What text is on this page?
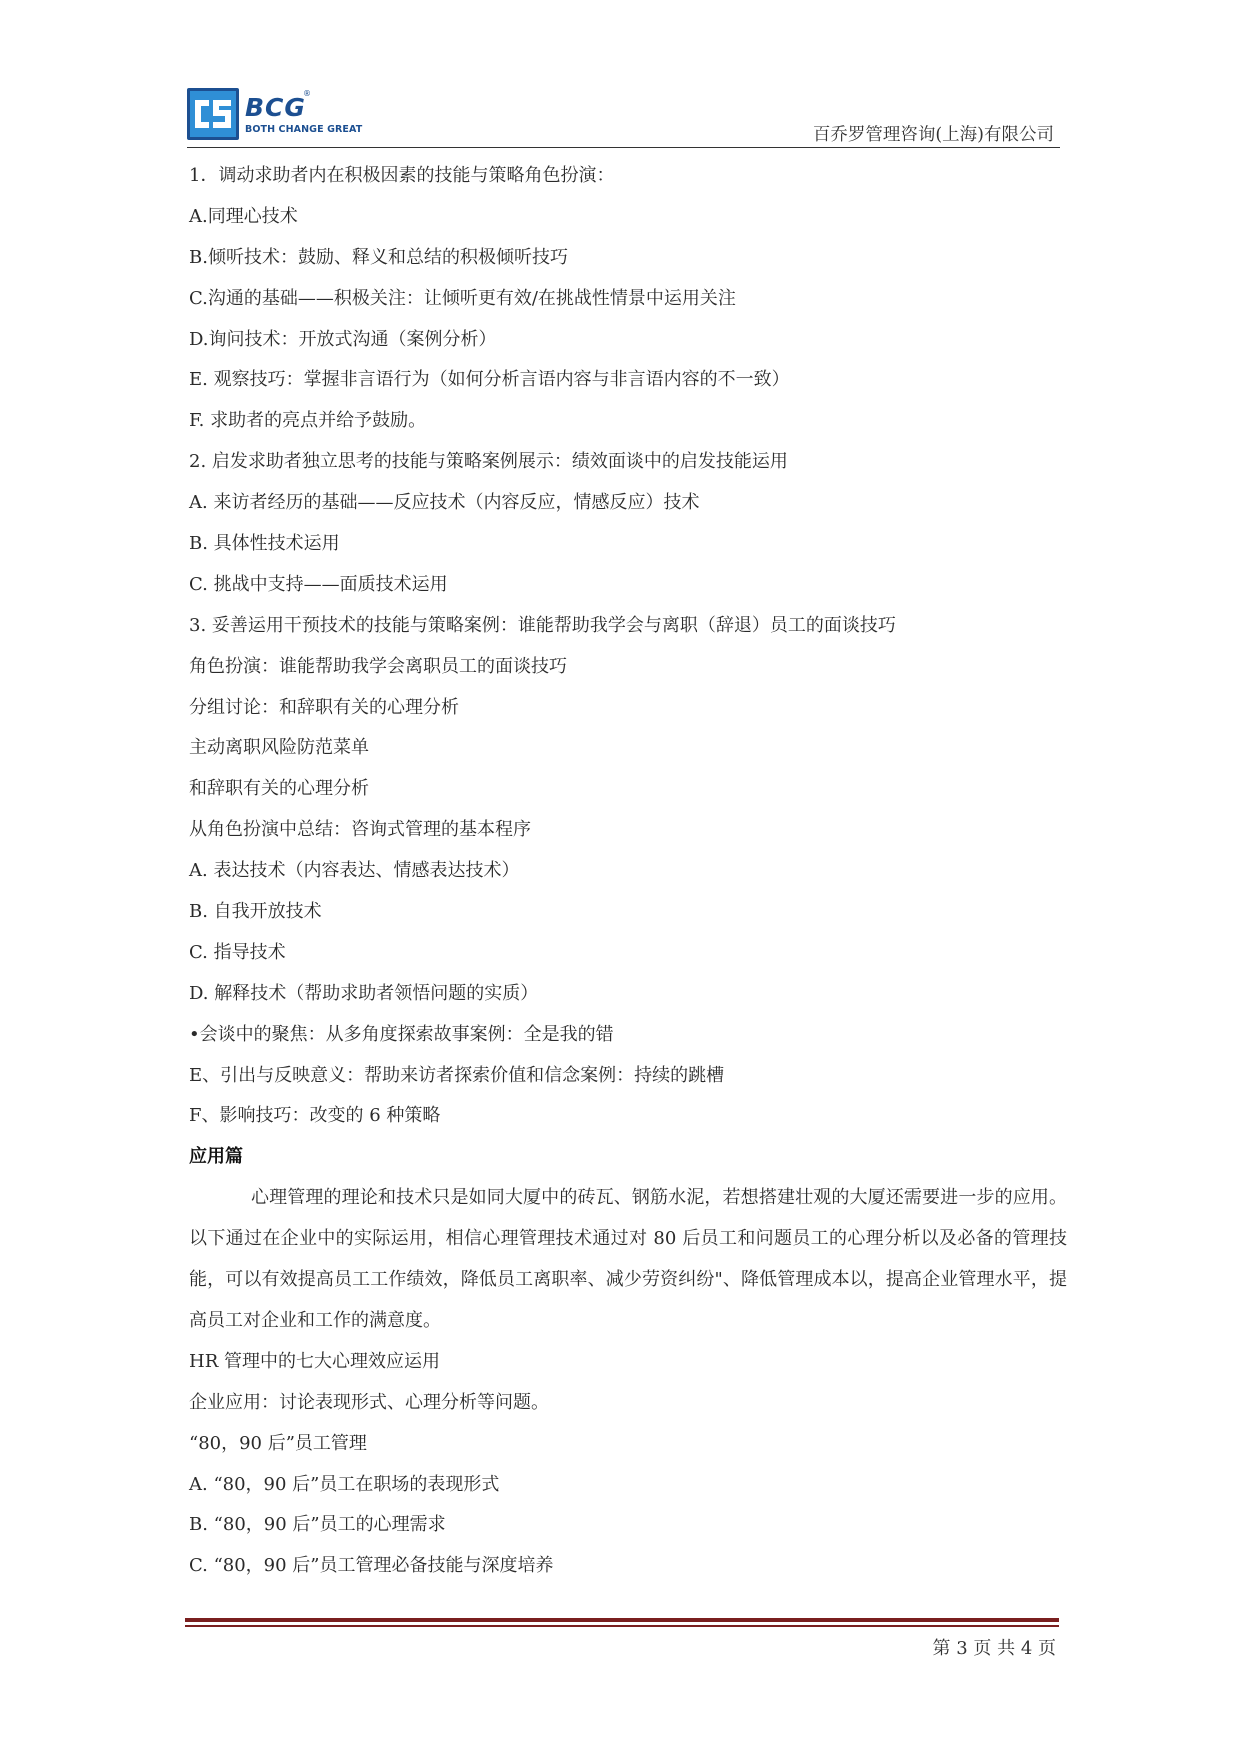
BCG
®
BOTH CHANGE GREAT	百乔罗管理咨询(上海)有限公司
1．调动求助者内在积极因素的技能与策略角色扮演：
A.同理心技术
B.倾听技术：鼓励、释义和总结的积极倾听技巧
C.沟通的基础——积极关注：让倾听更有效/在挑战性情景中运用关注
D.询问技术：开放式沟通（案例分析）
E. 观察技巧：掌握非言语行为（如何分析言语内容与非言语内容的不一致）
F. 求助者的亮点并给予鼓励。
2. 启发求助者独立思考的技能与策略案例展示：绩效面谈中的启发技能运用
A. 来访者经历的基础——反应技术（内容反应，情感反应）技术
B. 具体性技术运用
C. 挑战中支持——面质技术运用
3. 妥善运用干预技术的技能与策略案例：谁能帮助我学会与离职（辞退）员工的面谈技巧
角色扮演：谁能帮助我学会离职员工的面谈技巧
分组讨论：和辞职有关的心理分析
主动离职风险防范菜单
和辞职有关的心理分析
从角色扮演中总结：咨询式管理的基本程序
A. 表达技术（内容表达、情感表达技术）
B. 自我开放技术
C. 指导技术
D. 解释技术（帮助求助者领悟问题的实质）
•会谈中的聚焦：从多角度探索故事案例：全是我的错
E、引出与反映意义：帮助来访者探索价值和信念案例：持续的跳槽
F、影响技巧：改变的 6 种策略
应用篇

心理管理的理论和技术只是如同大厦中的砖瓦、钢筋水泥，若想搭建壮观的大厦还需要进一步的应用。以下通过在企业中的实际运用，相信心理管理技术通过对 80 后员工和问题员工的心理分析以及必备的管理技能，可以有效提高员工工作绩效，降低员工离职率、减少劳资纠纷"、降低管理成本以，提高企业管理水平，提高员工对企业和工作的满意度。

HR 管理中的七大心理效应运用
企业应用：讨论表现形式、心理分析等问题。
“80，90 后”员工管理
A. “80，90 后”员工在职场的表现形式
B. “80，90 后”员工的心理需求
C. “80，90 后”员工管理必备技能与深度培养
第 3 页 共 4 页
